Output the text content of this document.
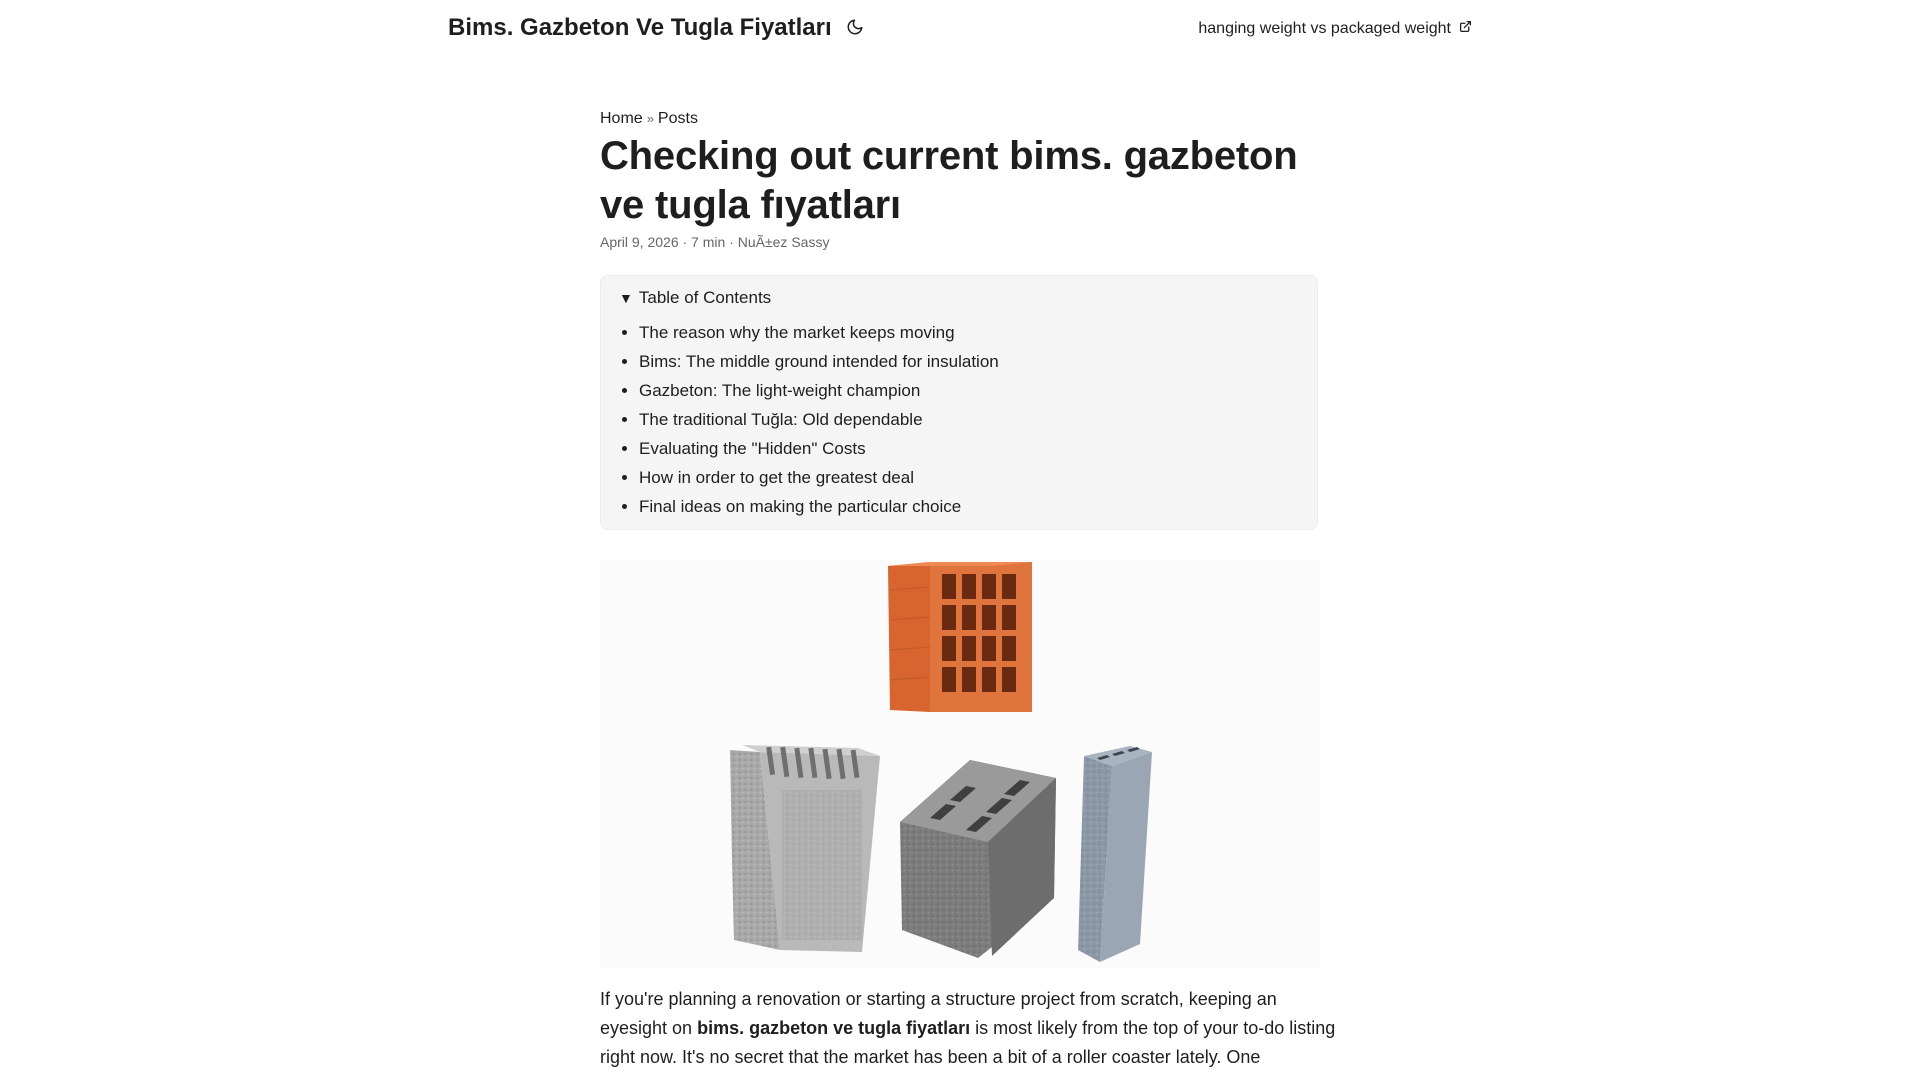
Bims. Gazbeton Ve Tugla Fiyatları	hanging weight vs packaged weight
Home » Posts
Checking out current bims. gazbeton ve tugla fıyatları
April 9, 2026 · 7 min · NuÃ±ez Sassy
▼ Table of Contents
• The reason why the market keeps moving
• Bims: The middle ground intended for insulation
• Gazbeton: The light-weight champion
• The traditional Tuğla: Old dependable
• Evaluating the "Hidden" Costs
• How in order to get the greatest deal
• Final ideas on making the particular choice

If you're planning a renovation or starting a structure project from scratch, keeping an eyesight on bims. gazbeton ve tugla fiyatları is most likely from the top of your to-do listing right now. It's no secret that the market has been a bit of a roller coaster lately. One
